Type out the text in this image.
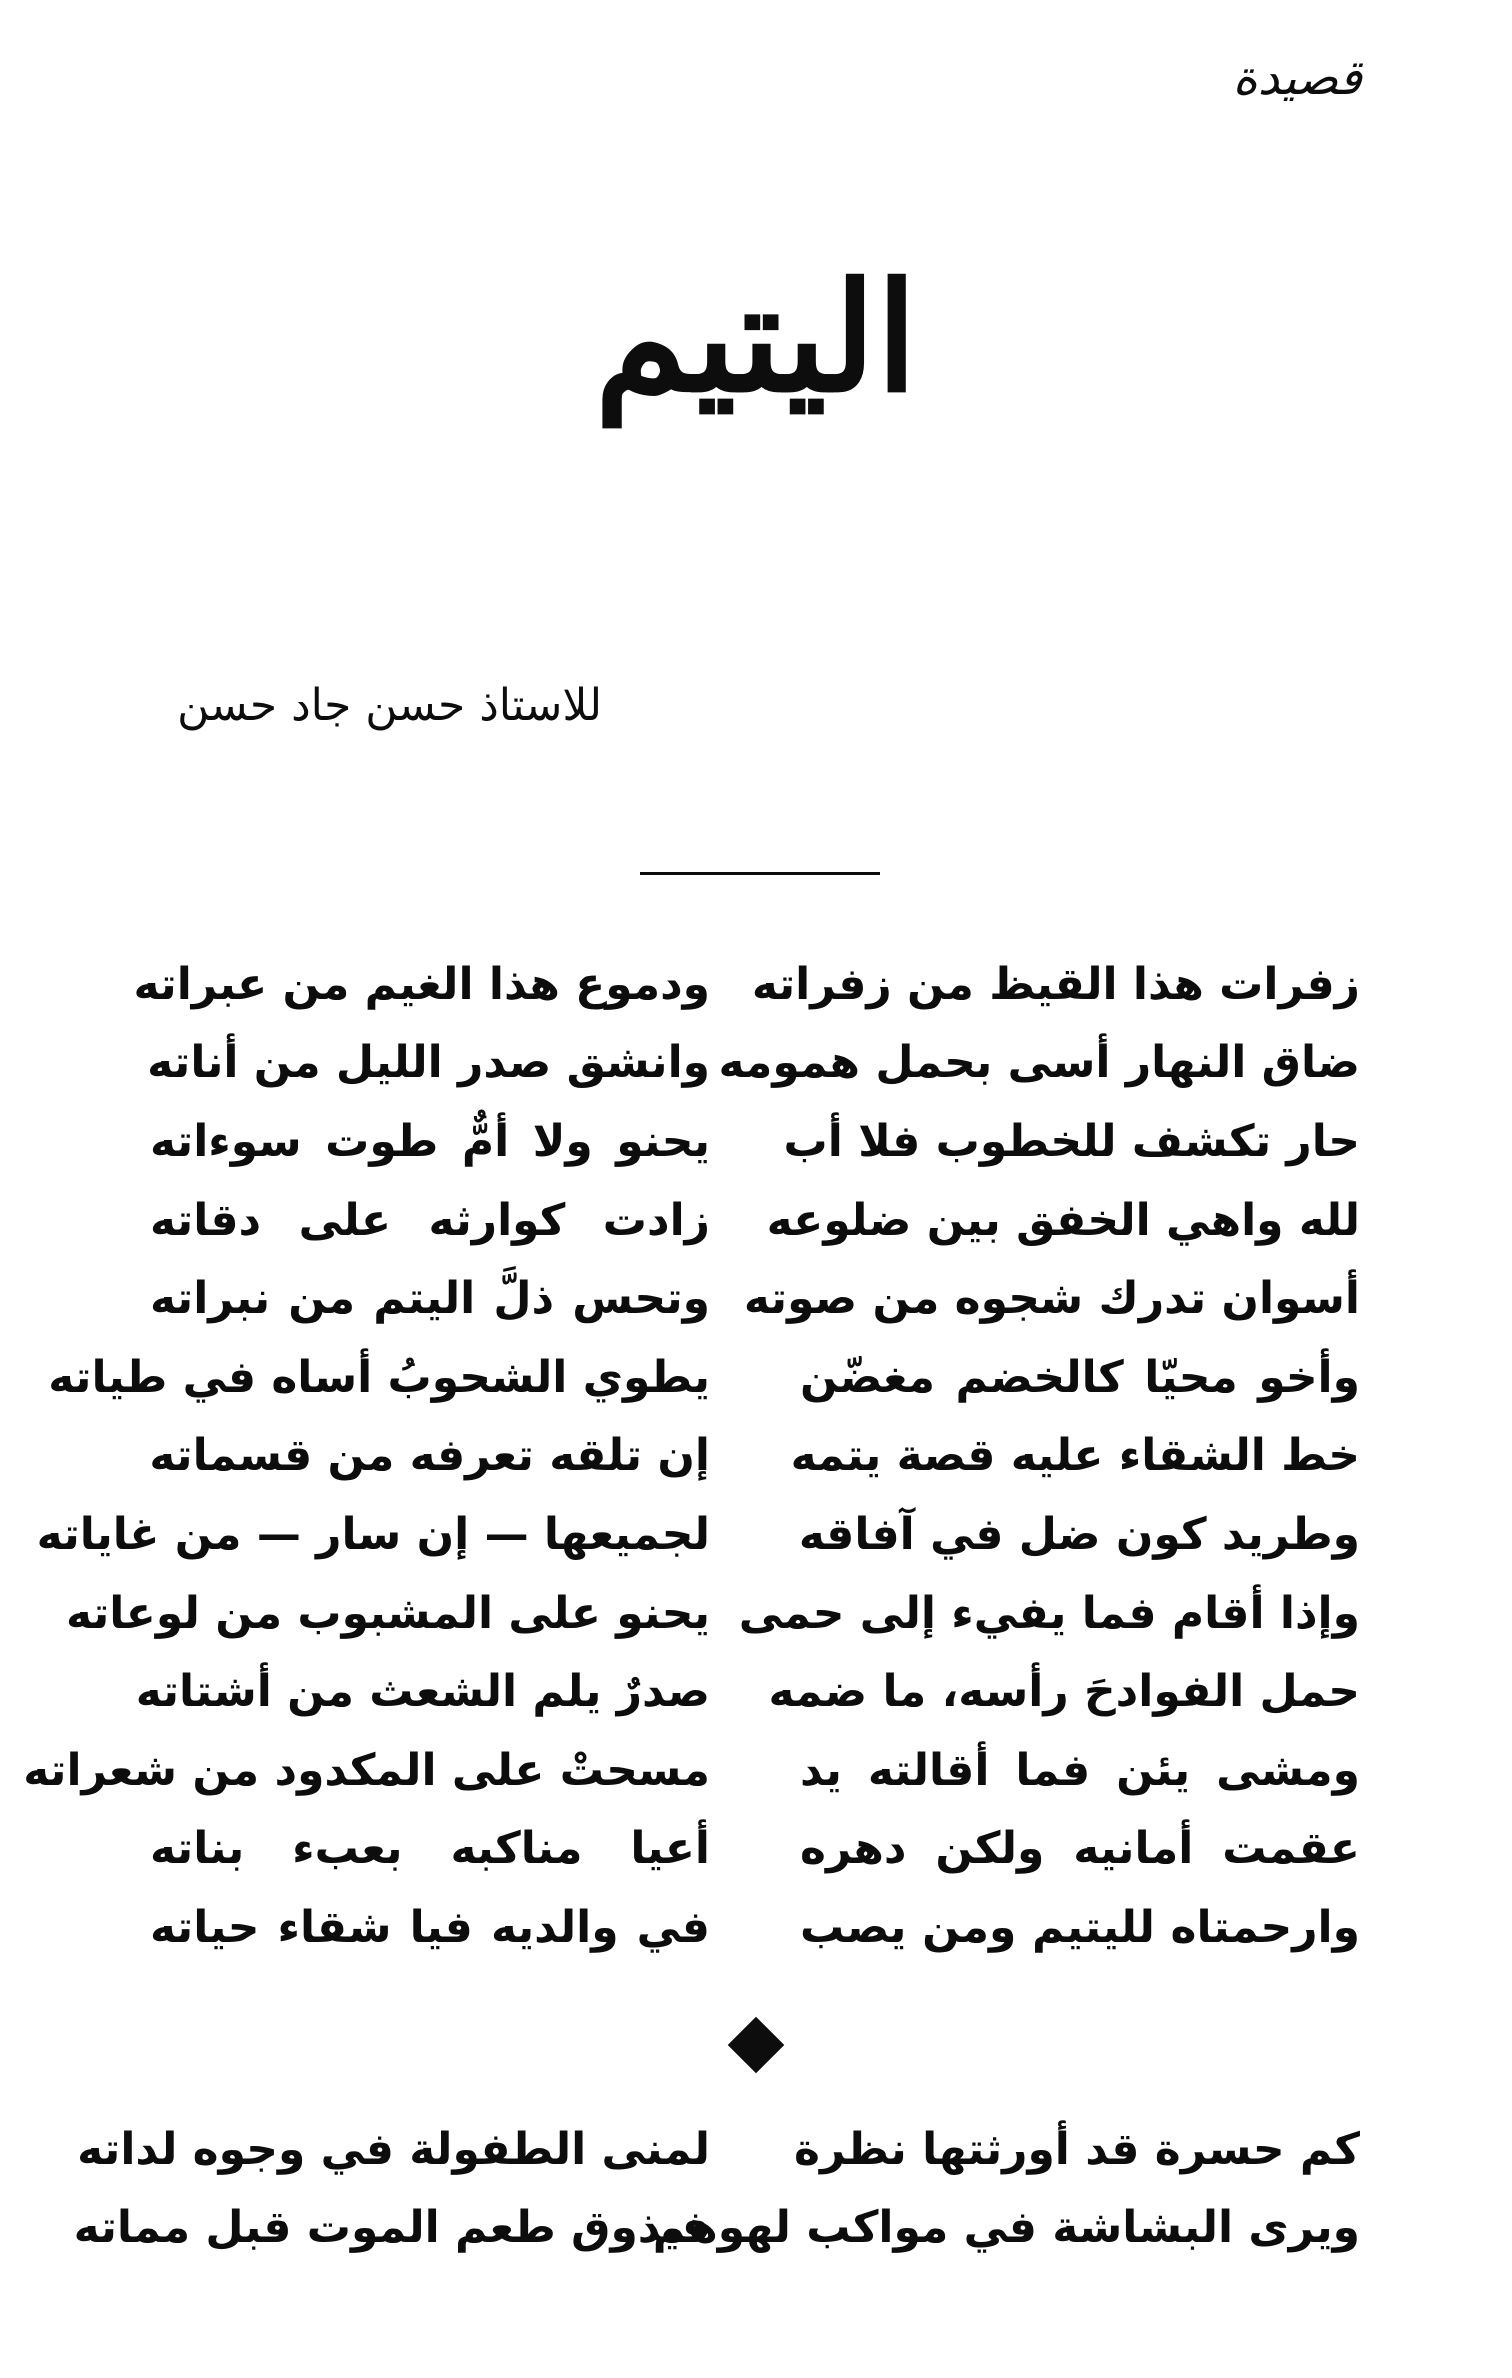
قصيدة
اليتيم
للاستاذ حسن جاد حسن
زفرات هذا القيظ من زفراته
ودموع هذا الغيم من عبراته
ضاق النهار أسى بحمل همومه
وانشق صدر الليل من أناته
حار تكشف للخطوب فلا أب
يحنو ولا أمٌّ طوت سوءاته
لله واهي الخفق بين ضلوعه
زادت كوارثه على دقاته
أسوان تدرك شجوه من صوته
وتحس ذلَّ اليتم من نبراته
وأخو محيّا كالخضم مغضّن
يطوي الشحوبُ أساه في طياته
خط الشقاء عليه قصة يتمه
إن تلقه تعرفه من قسماته
وطريد كون ضل في آفاقه
لجميعها — إن سار — من غاياته
وإذا أقام فما يفيء إلى حمى
يحنو على المشبوب من لوعاته
حمل الفوادحَ رأسه، ما ضمه
صدرٌ يلم الشعث من أشتاته
ومشى يئن فما أقالته يد
مسحتْ على المكدود من شعراته
عقمت أمانيه ولكن دهره
أعيا مناكبه بعبء بناته
وارحمتاه لليتيم ومن يصب
في والديه فيا شقاء حياته
كم حسرة قد أورثتها نظرة
لمنى الطفولة في وجوه لداته
ويرى البشاشة في مواكب لهوهم
فيذوق طعم الموت قبل مماته
